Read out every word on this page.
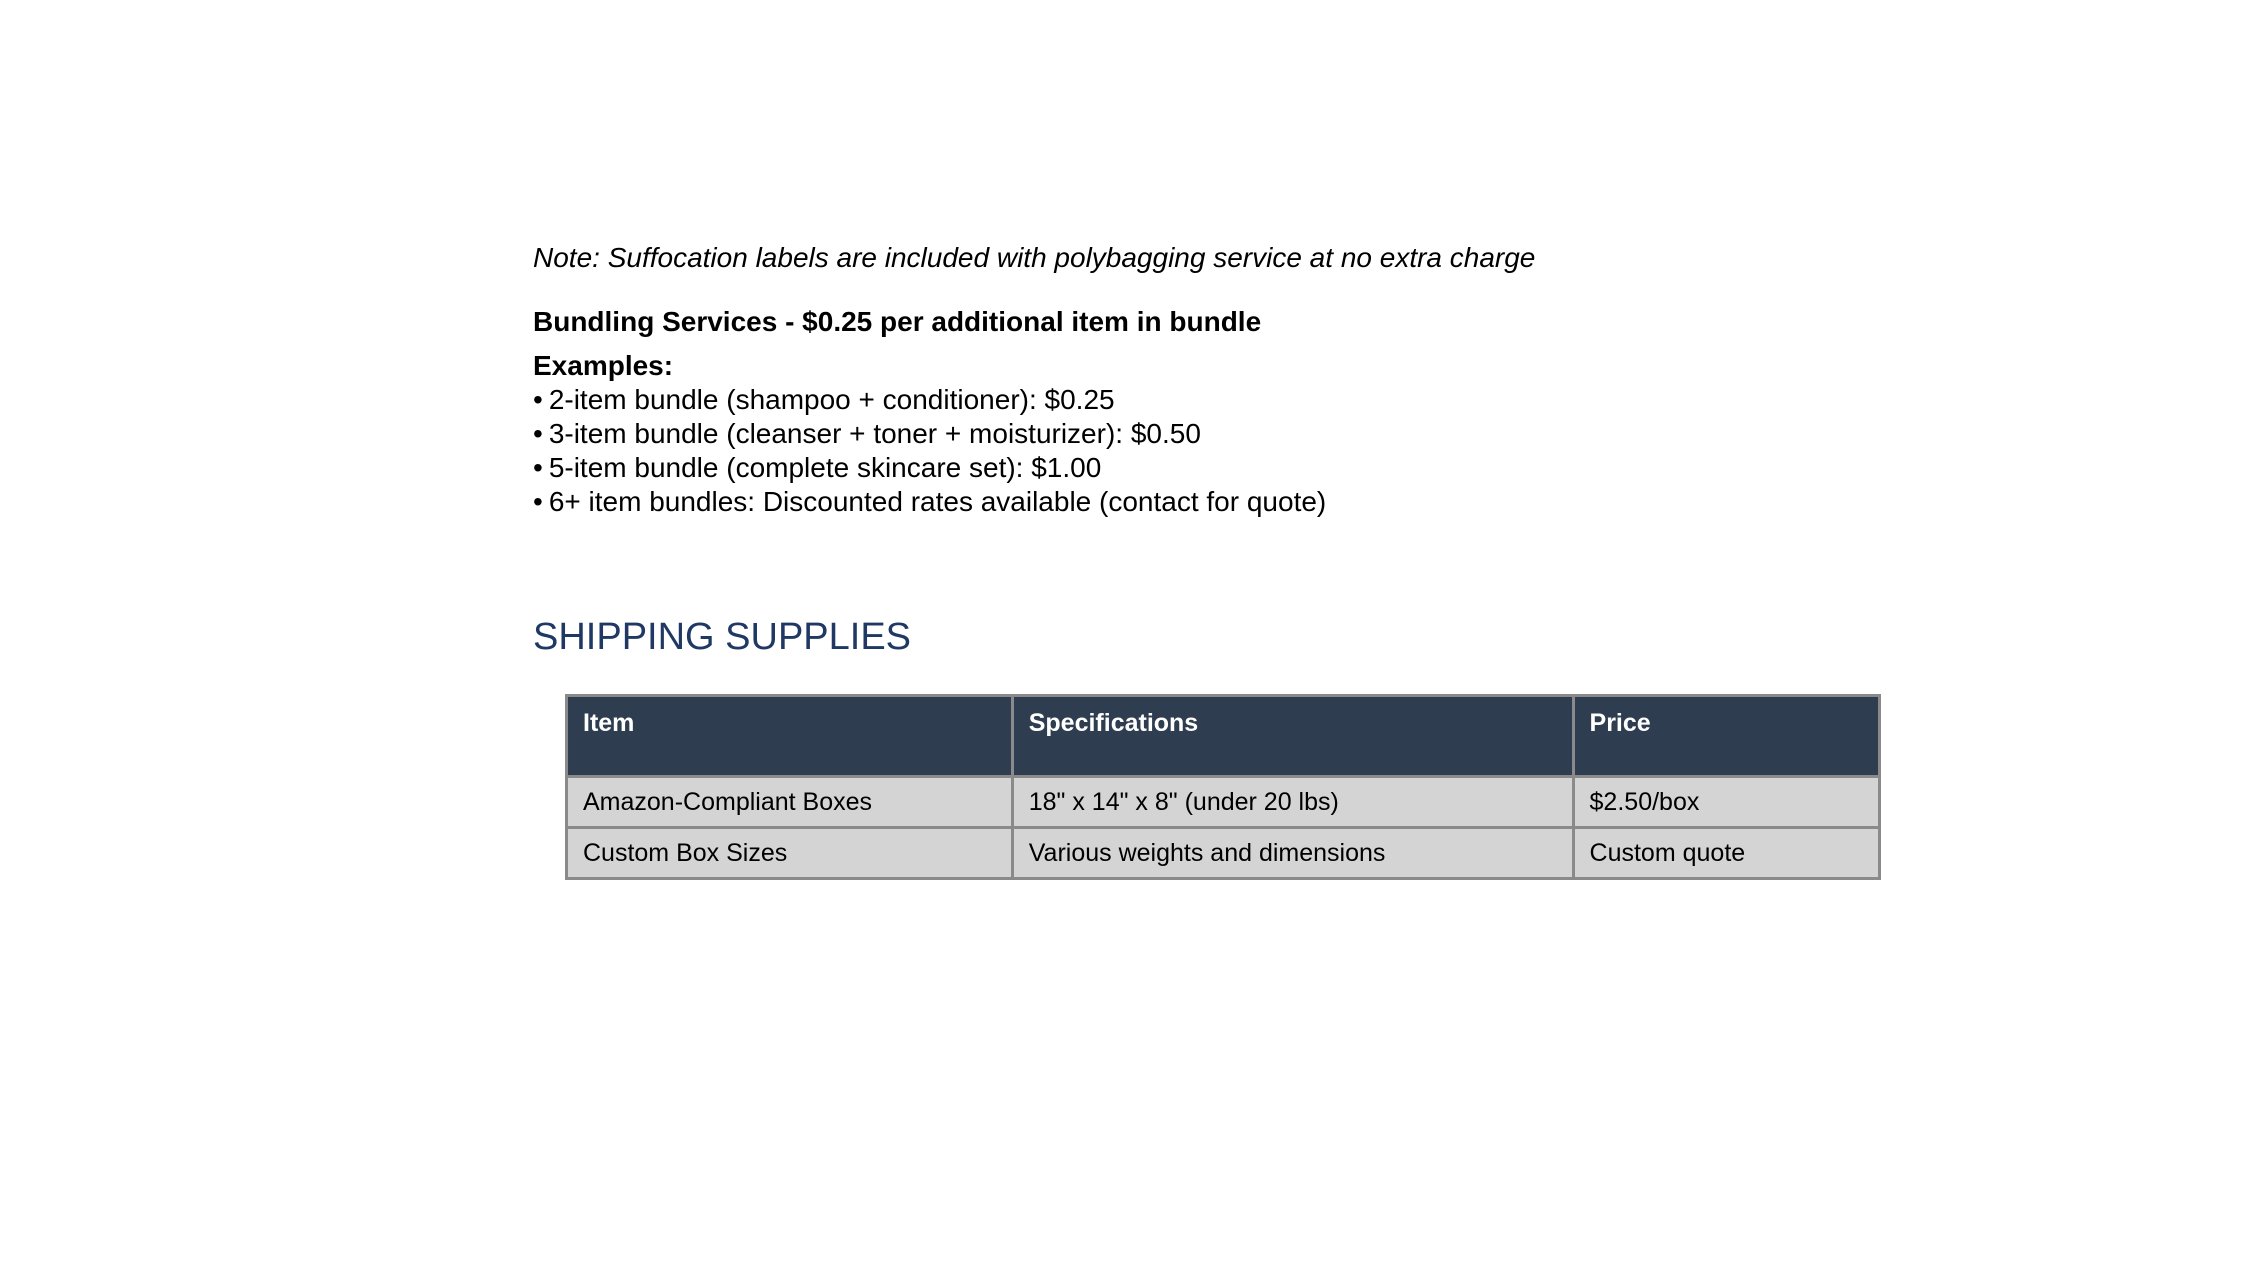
Note: Suffocation labels are included with polybagging service at no extra charge
Bundling Services - $0.25 per additional item in bundle
Examples:
• 2-item bundle (shampoo + conditioner): $0.25
• 3-item bundle (cleanser + toner + moisturizer): $0.50
• 5-item bundle (complete skincare set): $1.00
• 6+ item bundles: Discounted rates available (contact for quote)
SHIPPING SUPPLIES
Item	Specifications	Price
Amazon-Compliant Boxes	18" x 14" x 8" (under 20 lbs)	$2.50/box
Custom Box Sizes	Various weights and dimensions	Custom quote
